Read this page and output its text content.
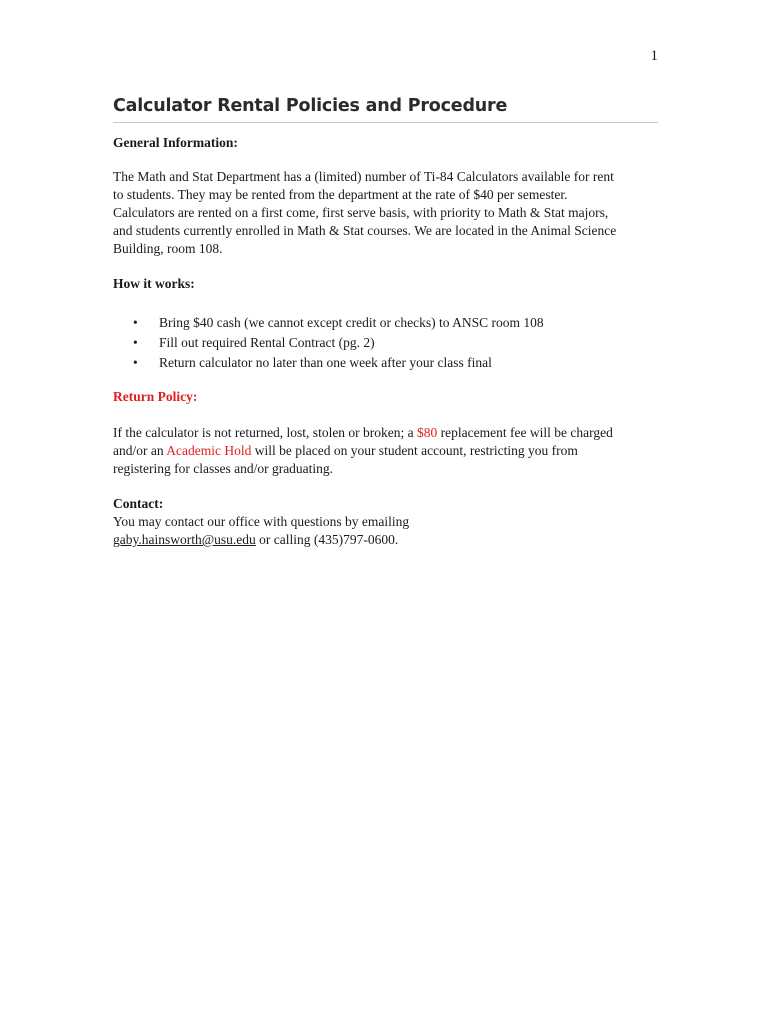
1
Calculator Rental Policies and Procedure
General Information:

The Math and Stat Department has a (limited) number of Ti-84 Calculators available for rent

to students. They may be rented from the department at the rate of $40 per semester.

Calculators are rented on a first come, first serve basis, with priority to Math & Stat majors,

and students currently enrolled in Math & Stat courses. We are located in the Animal Science

Building, room 108.

How it works:
• Bring $40 cash (we cannot except credit or checks) to ANSC room 108
• Fill out required Rental Contract (pg. 2)
• Return calculator no later than one week after your class final
Return Policy:

If the calculator is not returned, lost, stolen or broken; a $80 replacement fee will be charged

and/or an Academic Hold will be placed on your student account, restricting you from

registering for classes and/or graduating.

Contact:

You may contact our office with questions by emailing

gaby.hainsworth@usu.edu or calling (435)797-0600.
